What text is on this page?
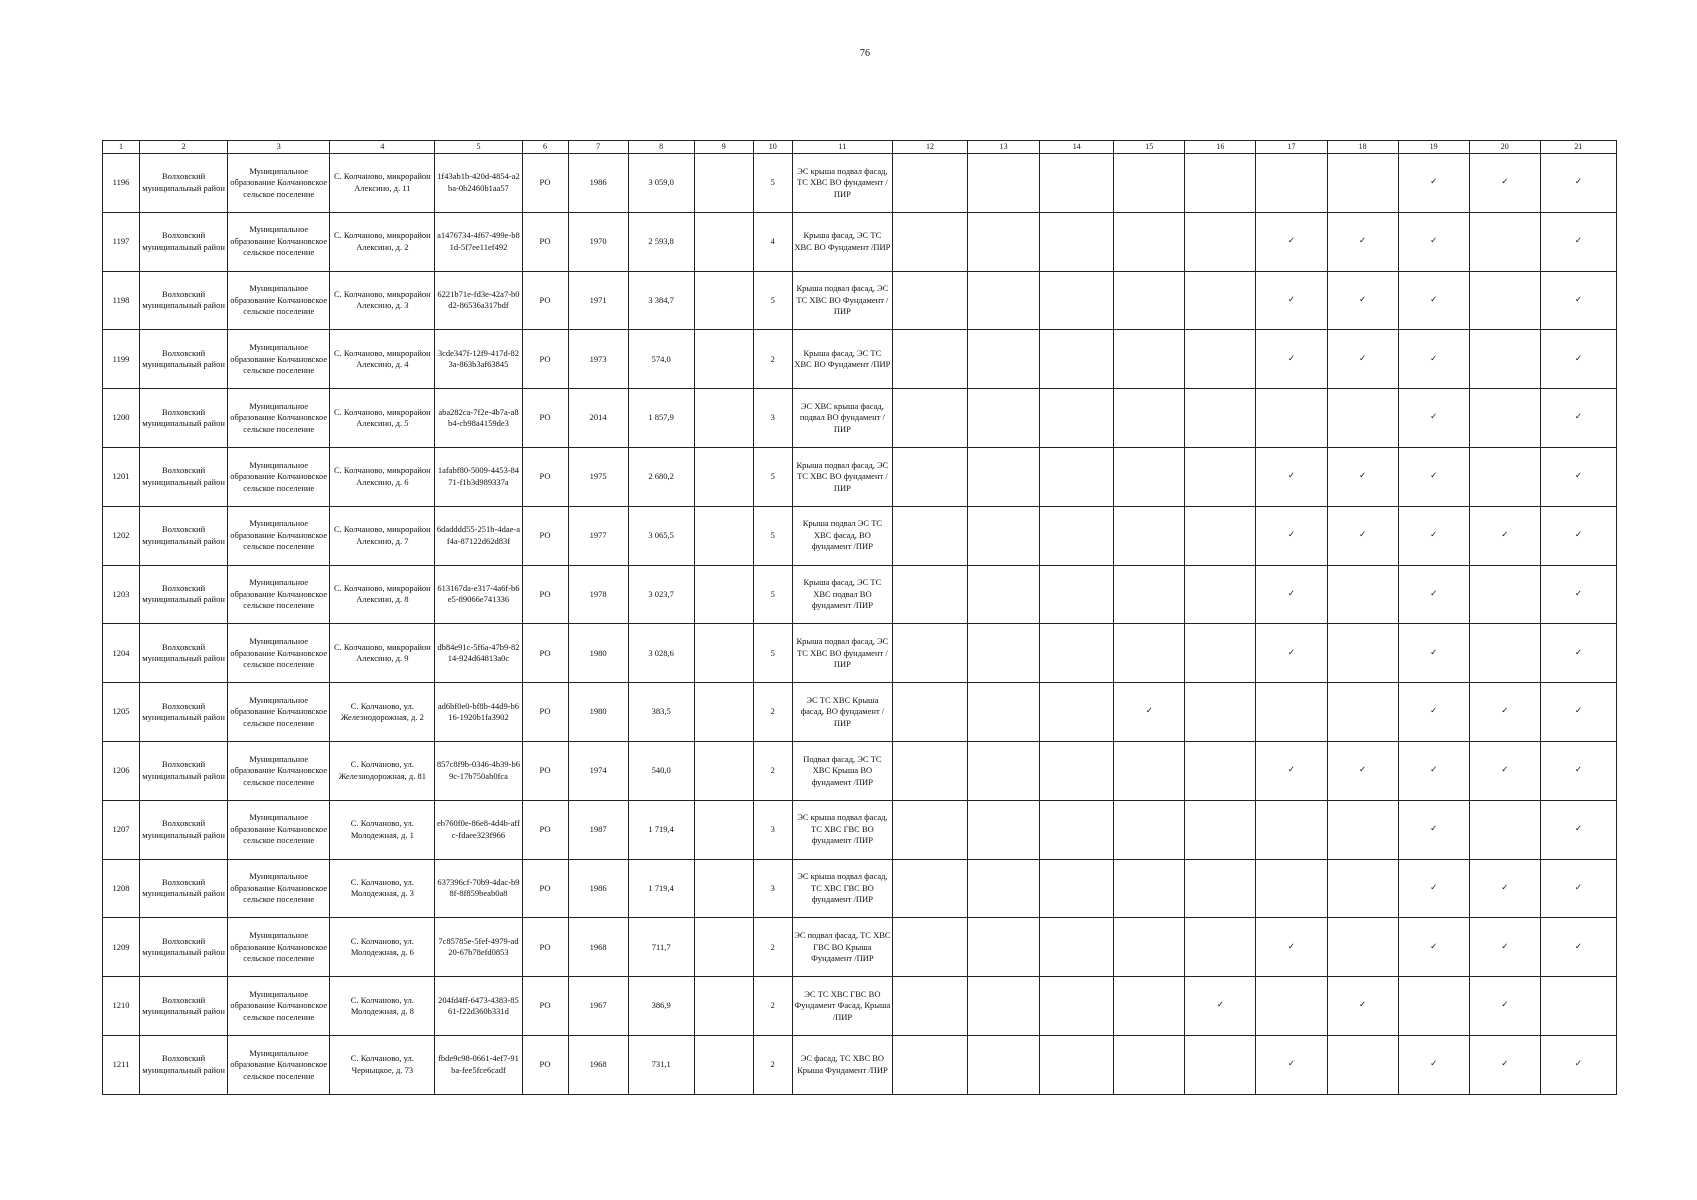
76
1	2	3	4	5	6	7	8	9	10	11	12	13	14	15	16	17	18	19	20	21
1196	Волховский муниципальный район	Муниципальное образование Колчановское сельское поселение	С. Колчаново, микрорайон Алексино, д. 11	1f43ab1b-420d-4854-a2ba-0b2460b1aa57	РО	1986	3 059,0		5	ЭС крыша подвал фасад, ТС ХВС ВО фундамент /ПИР								✓	✓	✓
1197	Волховский муниципальный район	Муниципальное образование Колчановское сельское поселение	С. Колчаново, микрорайон Алексино, д. 2	a1476734-4f67-499e-b81d-5f7ee11ef492	РО	1970	2 593,8		4	Крыша фасад, ЭС ТС ХВС ВО Фундамент /ПИР						✓	✓	✓		✓
1198	Волховский муниципальный район	Муниципальное образование Колчановское сельское поселение	С. Колчаново, микрорайон Алексино, д. 3	6221b71e-fd3e-42a7-b0d2-86536a317bdf	РО	1971	3 384,7		5	Крыша подвал фасад, ЭС ТС ХВС ВО Фундамент /ПИР						✓	✓	✓		✓
1199	Волховский муниципальный район	Муниципальное образование Колчановское сельское поселение	С. Колчаново, микрорайон Алексино, д. 4	3cde347f-12f9-417d-823a-863b3af63845	РО	1973	574,0		2	Крыша фасад, ЭС ТС ХВС ВО Фундамент /ПИР						✓	✓	✓		✓
1200	Волховский муниципальный район	Муниципальное образование Колчановское сельское поселение	С. Колчаново, микрорайон Алексино, д. 5	aba282ca-7f2e-4b7a-a8b4-cb98a4159de3	РО	2014	1 857,9		3	ЭС ХВС крыша фасад, подвал ВО фундамент /ПИР								✓		✓
1201	Волховский муниципальный район	Муниципальное образование Колчановское сельское поселение	С. Колчаново, микрорайон Алексино, д. 6	1afabf80-5009-4453-8471-f1b3d989337a	РО	1975	2 680,2		5	Крыша подвал фасад, ЭС ТС ХВС ВО фундамент /ПИР						✓	✓	✓		✓
1202	Волховский муниципальный район	Муниципальное образование Колчановское сельское поселение	С. Колчаново, микрорайон Алексино, д. 7	6dadddd55-251b-4dae-af4a-87122d62d83f	РО	1977	3 065,5		5	Крыша подвал ЭС ТС ХВС фасад, ВО фундамент /ПИР						✓	✓	✓	✓	✓
1203	Волховский муниципальный район	Муниципальное образование Колчановское сельское поселение	С. Колчаново, микрорайон Алексино, д. 8	613167da-e317-4a6f-b6e5-89066e741336	РО	1978	3 023,7		5	Крыша фасад, ЭС ТС ХВС подвал ВО фундамент /ПИР						✓		✓		✓
1204	Волховский муниципальный район	Муниципальное образование Колчановское сельское поселение	С. Колчаново, микрорайон Алексино, д. 9	db84e91c-5f6a-47b9-8214-924d64813a0c	РО	1980	3 028,6		5	Крыша подвал фасад, ЭС ТС ХВС ВО фундамент /ПИР						✓		✓		✓
1205	Волховский муниципальный район	Муниципальное образование Колчановское сельское поселение	С. Колчаново, ул. Железнодорожная, д. 2	ad6bf0e0-bf8b-44d9-b616-1920b1fa3902	РО	1980	383,5		2	ЭС ТС ХВС Крыша фасад, ВО фундамент /ПИР				✓				✓	✓	✓
1206	Волховский муниципальный район	Муниципальное образование Колчановское сельское поселение	С. Колчаново, ул. Железнодорожная, д. 81	857c8f9b-0346-4b39-b69c-17b750ab0fca	РО	1974	540,0		2	Подвал фасад, ЭС ТС ХВС Крыша ВО фундамент /ПИР						✓	✓	✓	✓	✓
1207	Волховский муниципальный район	Муниципальное образование Колчановское сельское поселение	С. Колчаново, ул. Молодежная, д. 1	eb760f0e-86e8-4d4b-affc-fdaee323f966	РО	1987	1 719,4		3	ЭС крыша подвал фасад, ТС ХВС ГВС ВО фундамент /ПИР								✓		✓
1208	Волховский муниципальный район	Муниципальное образование Колчановское сельское поселение	С. Колчаново, ул. Молодежная, д. 3	637396cf-70b9-4dac-b98f-8f859beab0a8	РО	1986	1 719,4		3	ЭС крыша подвал фасад, ТС ХВС ГВС ВО фундамент /ПИР								✓	✓	✓
1209	Волховский муниципальный район	Муниципальное образование Колчановское сельское поселение	С. Колчаново, ул. Молодежная, д. 6	7c85785e-5fef-4979-ad20-67b78efd0853	РО	1968	711,7		2	ЭС подвал фасад, ТС ХВС ГВС ВО Крыша Фундамент /ПИР						✓		✓	✓	✓
1210	Волховский муниципальный район	Муниципальное образование Колчановское сельское поселение	С. Колчаново, ул. Молодежная, д. 8	204fd4ff-6473-4383-8561-f22d360b331d	РО	1967	386,9		2	ЭС ТС ХВС ГВС ВО Фундамент Фасад, Крыша /ПИР					✓		✓		✓	
1211	Волховский муниципальный район	Муниципальное образование Колчановское сельское поселение	С. Колчаново, ул. Черныцкое, д. 73	fbde9c98-0661-4ef7-91ba-fee5fce6cadf	РО	1968	731,1		2	ЭС фасад, ТС ХВС ВО Крыша Фундамент /ПИР						✓		✓	✓	✓
